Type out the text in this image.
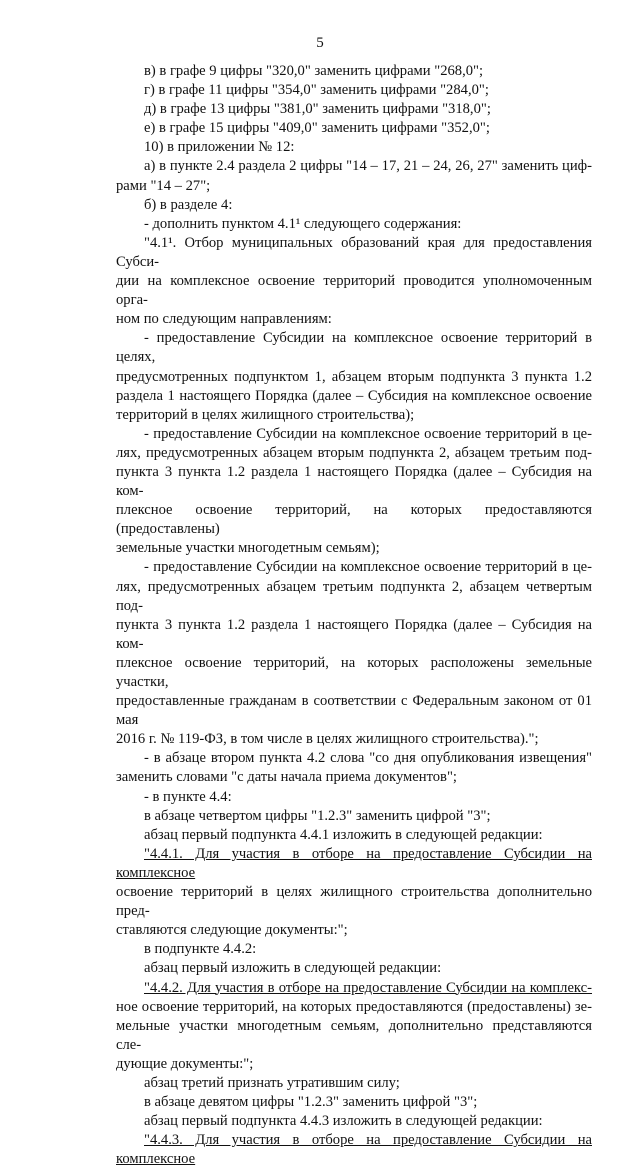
5
в) в графе 9 цифры "320,0" заменить цифрами "268,0";
г) в графе 11 цифры "354,0" заменить цифрами "284,0";
д) в графе 13 цифры "381,0" заменить цифрами "318,0";
е) в графе 15 цифры "409,0" заменить цифрами "352,0";
10) в приложении № 12:
а) в пункте 2.4 раздела 2 цифры "14 – 17, 21 – 24, 26, 27" заменить циф-
рами "14 – 27";
б) в разделе 4:
- дополнить пунктом 4.1¹ следующего содержания:
"4.1¹. Отбор муниципальных образований края для предоставления Субси-
дии на комплексное освоение территорий проводится уполномоченным орга-
ном по следующим направлениям:
- предоставление Субсидии на комплексное освоение территорий в целях,
предусмотренных подпунктом 1, абзацем вторым подпункта 3 пункта 1.2
раздела 1 настоящего Порядка (далее – Субсидия на комплексное освоение
территорий в целях жилищного строительства);
- предоставление Субсидии на комплексное освоение территорий в це-
лях, предусмотренных абзацем вторым подпункта 2, абзацем третьим под-
пункта 3 пункта 1.2 раздела 1 настоящего Порядка (далее – Субсидия на ком-
плексное освоение территорий, на которых предоставляются (предоставлены)
земельные участки многодетным семьям);
- предоставление Субсидии на комплексное освоение территорий в це-
лях, предусмотренных абзацем третьим подпункта 2, абзацем четвертым под-
пункта 3 пункта 1.2 раздела 1 настоящего Порядка (далее – Субсидия на ком-
плексное освоение территорий, на которых расположены земельные участки,
предоставленные гражданам в соответствии с Федеральным законом от 01 мая
2016 г. № 119-ФЗ, в том числе в целях жилищного строительства).";
- в абзаце втором пункта 4.2 слова "со дня опубликования извещения"
заменить словами "с даты начала приема документов";
- в пункте 4.4:
в абзаце четвертом цифры "1.2.3" заменить цифрой "3";
абзац первый подпункта 4.4.1 изложить в следующей редакции:
"4.4.1. Для участия в отборе на предоставление Субсидии на комплексное
освоение территорий в целях жилищного строительства дополнительно пред-
ставляются следующие документы:";
в подпункте 4.4.2:
абзац первый изложить в следующей редакции:
"4.4.2. Для участия в отборе на предоставление Субсидии на комплекс-
ное освоение территорий, на которых предоставляются (предоставлены) зе-
мельные участки многодетным семьям, дополнительно представляются сле-
дующие документы:";
абзац третий признать утратившим силу;
в абзаце девятом цифры "1.2.3" заменить цифрой "3";
абзац первый подпункта 4.4.3 изложить в следующей редакции:
"4.4.3. Для участия в отборе на предоставление Субсидии на комплексное
